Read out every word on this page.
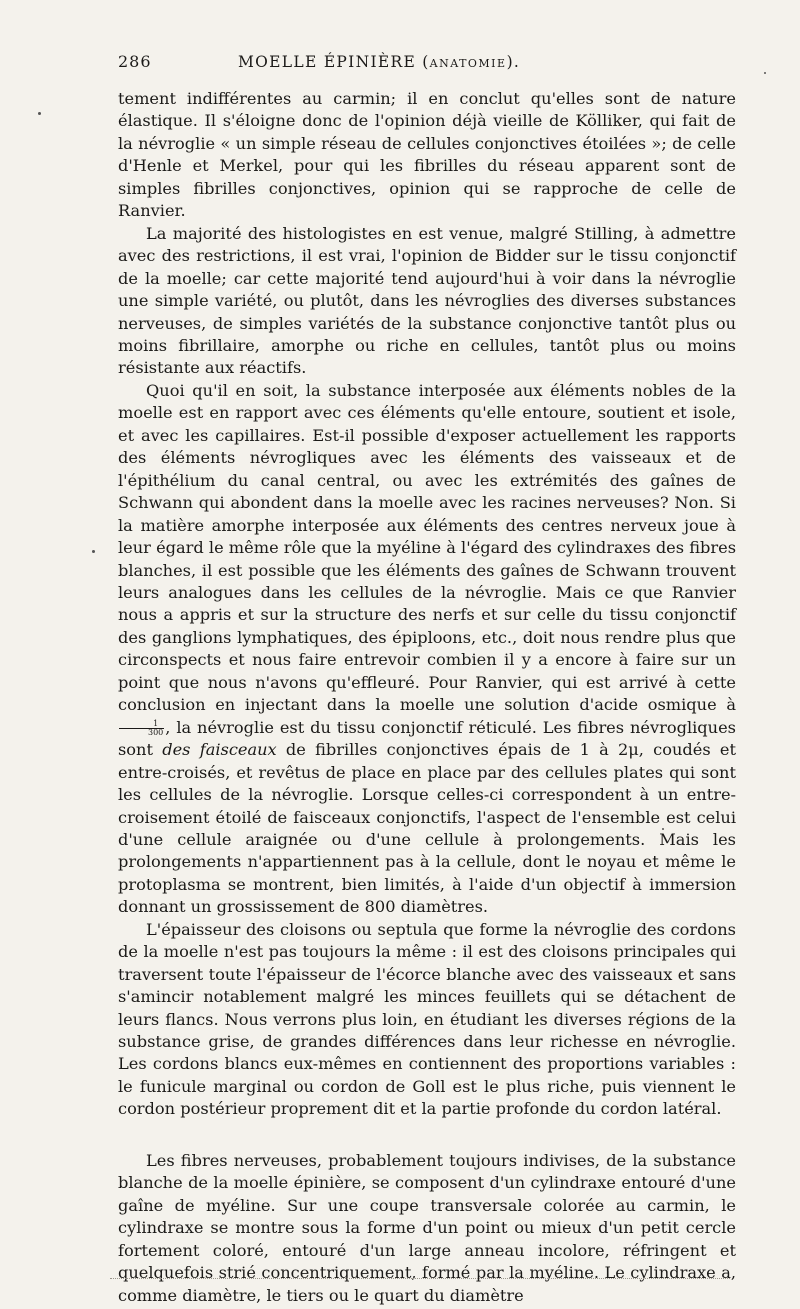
286	MOELLE ÉPINIÈRE ( ANATOMIE ).

tement indifférentes au carmin; il en conclut qu'elles sont de nature élastique. Il s'éloigne donc de l'opinion déjà vieille de Kölliker, qui fait de la névroglie « un simple réseau de cellules conjonctives étoilées »; de celle d'Henle et Merkel, pour qui les fibrilles du réseau apparent sont de simples fibrilles conjonctives, opinion qui se rapproche de celle de Ranvier.

La majorité des histologistes en est venue, malgré Stilling, à admettre avec des restrictions, il est vrai, l'opinion de Bidder sur le tissu conjonctif de la moelle; car cette majorité tend aujourd'hui à voir dans la névroglie une simple variété, ou plutôt, dans les névroglies des diverses substances nerveuses, de simples variétés de la substance conjonctive tantôt plus ou moins fibrillaire, amorphe ou riche en cellules, tantôt plus ou moins résistante aux réactifs.

Quoi qu'il en soit, la substance interposée aux éléments nobles de la moelle est en rapport avec ces éléments qu'elle entoure, soutient et isole, et avec les capillaires. Est-il possible d'exposer actuellement les rapports des éléments névrogliques avec les éléments des vaisseaux et de l'épithélium du canal central, ou avec les extrémités des gaînes de Schwann qui abondent dans la moelle avec les racines nerveuses? Non. Si la matière amorphe interposée aux éléments des centres nerveux joue à leur égard le même rôle que la myéline à l'égard des cylindraxes des fibres blanches, il est possible que les éléments des gaînes de Schwann trouvent leurs analogues dans les cellules de la névroglie. Mais ce que Ranvier nous a appris et sur la structure des nerfs et sur celle du tissu conjonctif des ganglions lymphatiques, des épiploons, etc., doit nous rendre plus que circonspects et nous faire entrevoir combien il y a encore à faire sur un point que nous n'avons qu'effleuré. Pour Ranvier, qui est arrivé à cette conclusion en injectant dans la moelle une solution d'acide osmique à
$\frac{1}{300}$ , la névroglie est du tissu conjonctif réticulé. Les fibres névrogliques sont des faisceaux de fibrilles conjonctives épais de 1 à 2μ, coudés et entre-croisés, et revêtus de place en place par des cellules plates qui sont les cellules de la névroglie. Lorsque celles-ci correspondent à un entre-croisement étoilé de faisceaux conjonctifs, l'aspect de l'ensemble est celui d'une cellule araignée ou d'une cellule à prolongements. Mais les prolongements n'appartiennent pas à la cellule, dont le noyau et même le protoplasma se montrent, bien limités, à l'aide d'un objectif à immersion donnant un grossissement de 800 diamètres.

L'épaisseur des cloisons ou septula que forme la névroglie des cordons de la moelle n'est pas toujours la même : il est des cloisons principales qui traversent toute l'épaisseur de l'écorce blanche avec des vaisseaux et sans s'amincir notablement malgré les minces feuillets qui se détachent de leurs flancs. Nous verrons plus loin, en étudiant les diverses régions de la substance grise, de grandes différences dans leur richesse en névroglie. Les cordons blancs eux-mêmes en contiennent des proportions variables : le funicule marginal ou cordon de Goll est le plus riche, puis viennent le cordon postérieur proprement dit et la partie profonde du cordon latéral.

Les fibres nerveuses, probablement toujours indivises, de la substance blanche de la moelle épinière, se composent d'un cylindraxe entouré d'une gaîne de myéline. Sur une coupe transversale colorée au carmin, le cylindraxe se montre sous la forme d'un point ou mieux d'un petit cercle fortement coloré, entouré d'un large anneau incolore, réfringent et quelquefois strié concentriquement, formé par la myéline. Le cylindraxe a, comme diamètre, le tiers ou le quart du diamètre
